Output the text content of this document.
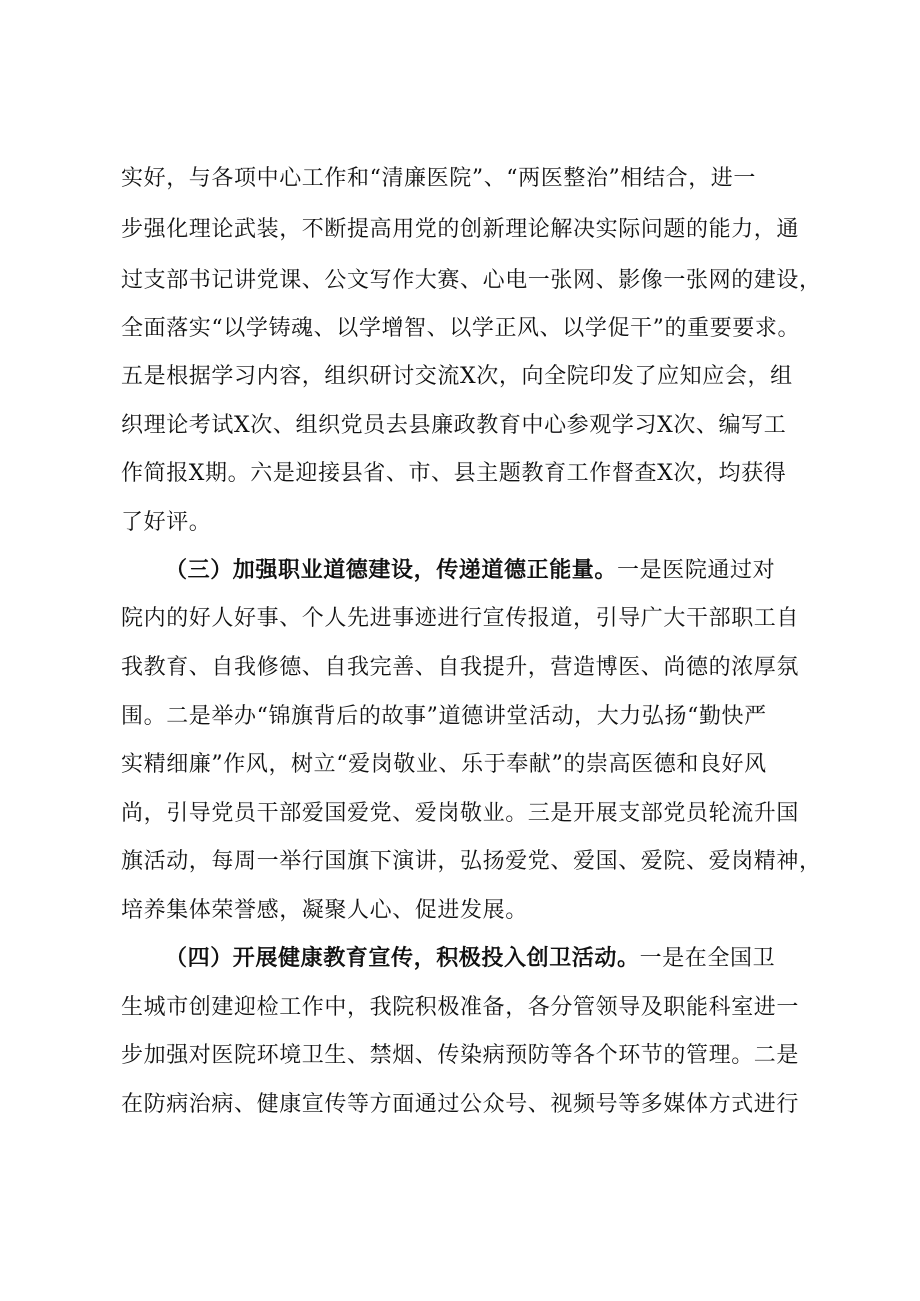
实好，与各项中心工作和“清廉医院”、“两医整治”相结合，进一
步强化理论武装，不断提高用党的创新理论解决实际问题的能力，通
过支部书记讲党课、公文写作大赛、心电一张网、影像一张网的建设，
全面落实“以学铸魂、以学增智、以学正风、以学促干”的重要要求。
五是根据学习内容，组织研讨交流X次，向全院印发了应知应会，组
织理论考试X次、组织党员去县廉政教育中心参观学习X次、编写工
作简报X期。六是迎接县省、市、县主题教育工作督查X次，均获得
了好评。
（三）加强职业道德建设，传递道德正能量。一是医院通过对
院内的好人好事、个人先进事迹进行宣传报道，引导广大干部职工自
我教育、自我修德、自我完善、自我提升，营造博医、尚德的浓厚氛
围。二是举办“锦旗背后的故事”道德讲堂活动，大力弘扬“勤快严
实精细廉”作风，树立“爱岗敬业、乐于奉献”的崇高医德和良好风
尚，引导党员干部爱国爱党、爱岗敬业。三是开展支部党员轮流升国
旗活动，每周一举行国旗下演讲，弘扬爱党、爱国、爱院、爱岗精神，
培养集体荣誉感，凝聚人心、促进发展。
（四）开展健康教育宣传，积极投入创卫活动。一是在全国卫
生城市创建迎检工作中，我院积极准备，各分管领导及职能科室进一
步加强对医院环境卫生、禁烟、传染病预防等各个环节的管理。二是
在防病治病、健康宣传等方面通过公众号、视频号等多媒体方式进行
